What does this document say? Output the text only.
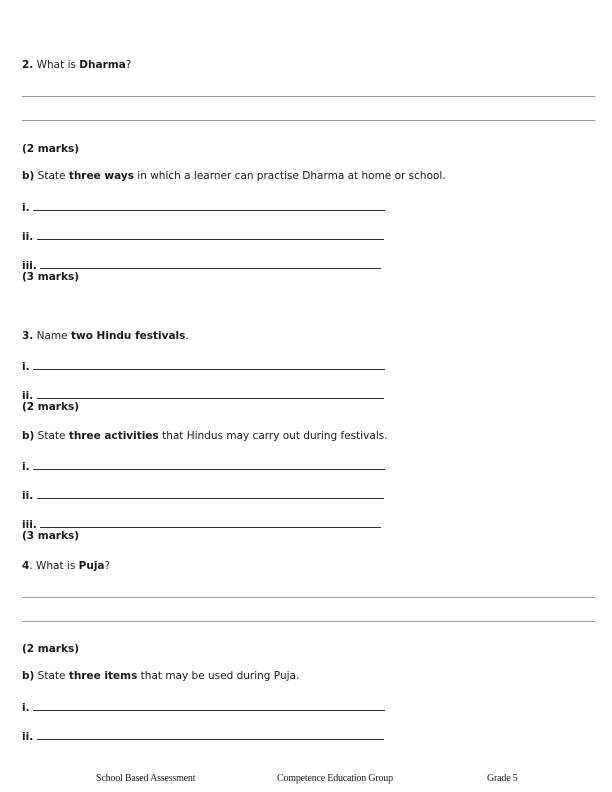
2. What is Dharma?
(2 marks)
b) State three ways in which a learner can practise Dharma at home or school.
i.
ii.
iii.
(3 marks)
3. Name two Hindu festivals.
i.
ii.
(2 marks)
b) State three activities that Hindus may carry out during festivals.
i.
ii.
iii.
(3 marks)
4. What is Puja?
(2 marks)
b) State three items that may be used during Puja.
i.
ii.
School Based Assessment	Competence Education Group	Grade 5
